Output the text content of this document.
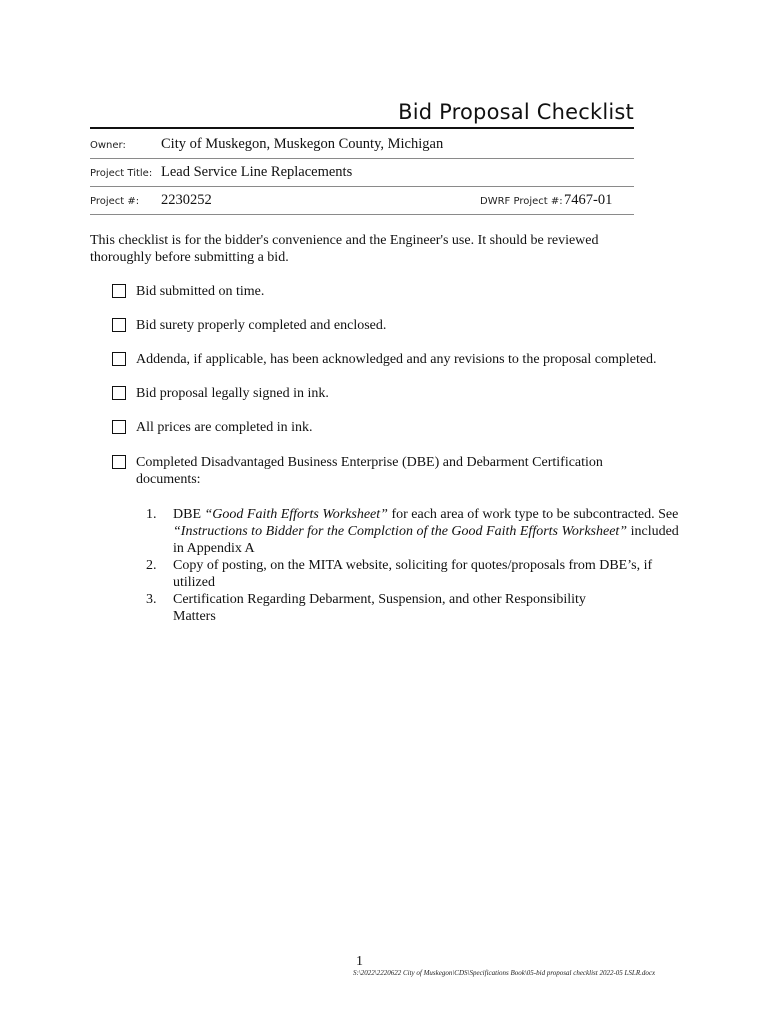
Bid Proposal Checklist
Owner: City of Muskegon, Muskegon County, Michigan
Project Title: Lead Service Line Replacements
Project #: 2230252	DWRF Project #: 7467-01
This checklist is for the bidder's convenience and the Engineer's use. It should be reviewed thoroughly before submitting a bid.
Bid submitted on time.
Bid surety properly completed and enclosed.
Addenda, if applicable, has been acknowledged and any revisions to the proposal completed.
Bid proposal legally signed in ink.
All prices are completed in ink.
Completed Disadvantaged Business Enterprise (DBE) and Debarment Certification documents:
1.	DBE “Good Faith Efforts Worksheet” for each area of work type to be subcontracted. See “Instructions to Bidder for the Complction of the Good Faith Efforts Worksheet” included in Appendix A
2.	Copy of posting, on the MITA website, soliciting for quotes/proposals from DBE’s, if utilized
3.	Certification Regarding Debarment, Suspension, and other Responsibility Matters
1
S:\2022\2220622 City of Muskegon\CDS\Specifications Book\05-bid proposal checklist 2022-05 LSLR.docx
